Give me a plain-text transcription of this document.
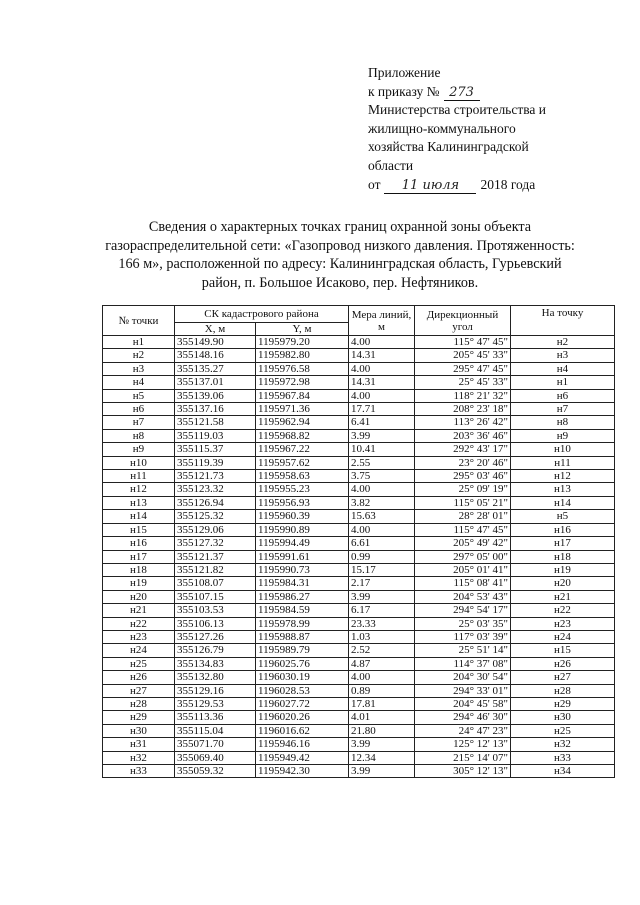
Приложение
к приказу № 273
Министерства строительства и
жилищно-коммунального
хозяйства Калининградской
области
от 11 июля 2018 года
Сведения о характерных точках границ охранной зоны объекта
газораспределительной сети: «Газопровод низкого давления. Протяженность:
166 м», расположенной по адресу: Калининградская область, Гурьевский
район, п. Большое Исаково, пер. Нефтяников.
№ точки	СК кадастрового района		Мера линий, м	Дирекционный угол	На точку
	X, м	Y, м			
н1	355149.90	1195979.20	4.00	115° 47' 45"	н2
н2	355148.16	1195982.80	14.31	205° 45' 33"	н3
н3	355135.27	1195976.58	4.00	295° 47' 45"	н4
н4	355137.01	1195972.98	14.31	25° 45' 33"	н1
н5	355139.06	1195967.84	4.00	118° 21' 32"	н6
н6	355137.16	1195971.36	17.71	208° 23' 18"	н7
н7	355121.58	1195962.94	6.41	113° 26' 42"	н8
н8	355119.03	1195968.82	3.99	203° 36' 46"	н9
н9	355115.37	1195967.22	10.41	292° 43' 17"	н10
н10	355119.39	1195957.62	2.55	23° 20' 46"	н11
н11	355121.73	1195958.63	3.75	295° 03' 46"	н12
н12	355123.32	1195955.23	4.00	25° 09' 19"	н13
н13	355126.94	1195956.93	3.82	115° 05' 21"	н14
н14	355125.32	1195960.39	15.63	28° 28' 01"	н5
н15	355129.06	1195990.89	4.00	115° 47' 45"	н16
н16	355127.32	1195994.49	6.61	205° 49' 42"	н17
н17	355121.37	1195991.61	0.99	297° 05' 00"	н18
н18	355121.82	1195990.73	15.17	205° 01' 41"	н19
н19	355108.07	1195984.31	2.17	115° 08' 41"	н20
н20	355107.15	1195986.27	3.99	204° 53' 43"	н21
н21	355103.53	1195984.59	6.17	294° 54' 17"	н22
н22	355106.13	1195978.99	23.33	25° 03' 35"	н23
н23	355127.26	1195988.87	1.03	117° 03' 39"	н24
н24	355126.79	1195989.79	2.52	25° 51' 14"	н15
н25	355134.83	1196025.76	4.87	114° 37' 08"	н26
н26	355132.80	1196030.19	4.00	204° 30' 54"	н27
н27	355129.16	1196028.53	0.89	294° 33' 01"	н28
н28	355129.53	1196027.72	17.81	204° 45' 58"	н29
н29	355113.36	1196020.26	4.01	294° 46' 30"	н30
н30	355115.04	1196016.62	21.80	24° 47' 23"	н25
н31	355071.70	1195946.16	3.99	125° 12' 13"	н32
н32	355069.40	1195949.42	12.34	215° 14' 07"	н33
н33	355059.32	1195942.30	3.99	305° 12' 13"	н34
